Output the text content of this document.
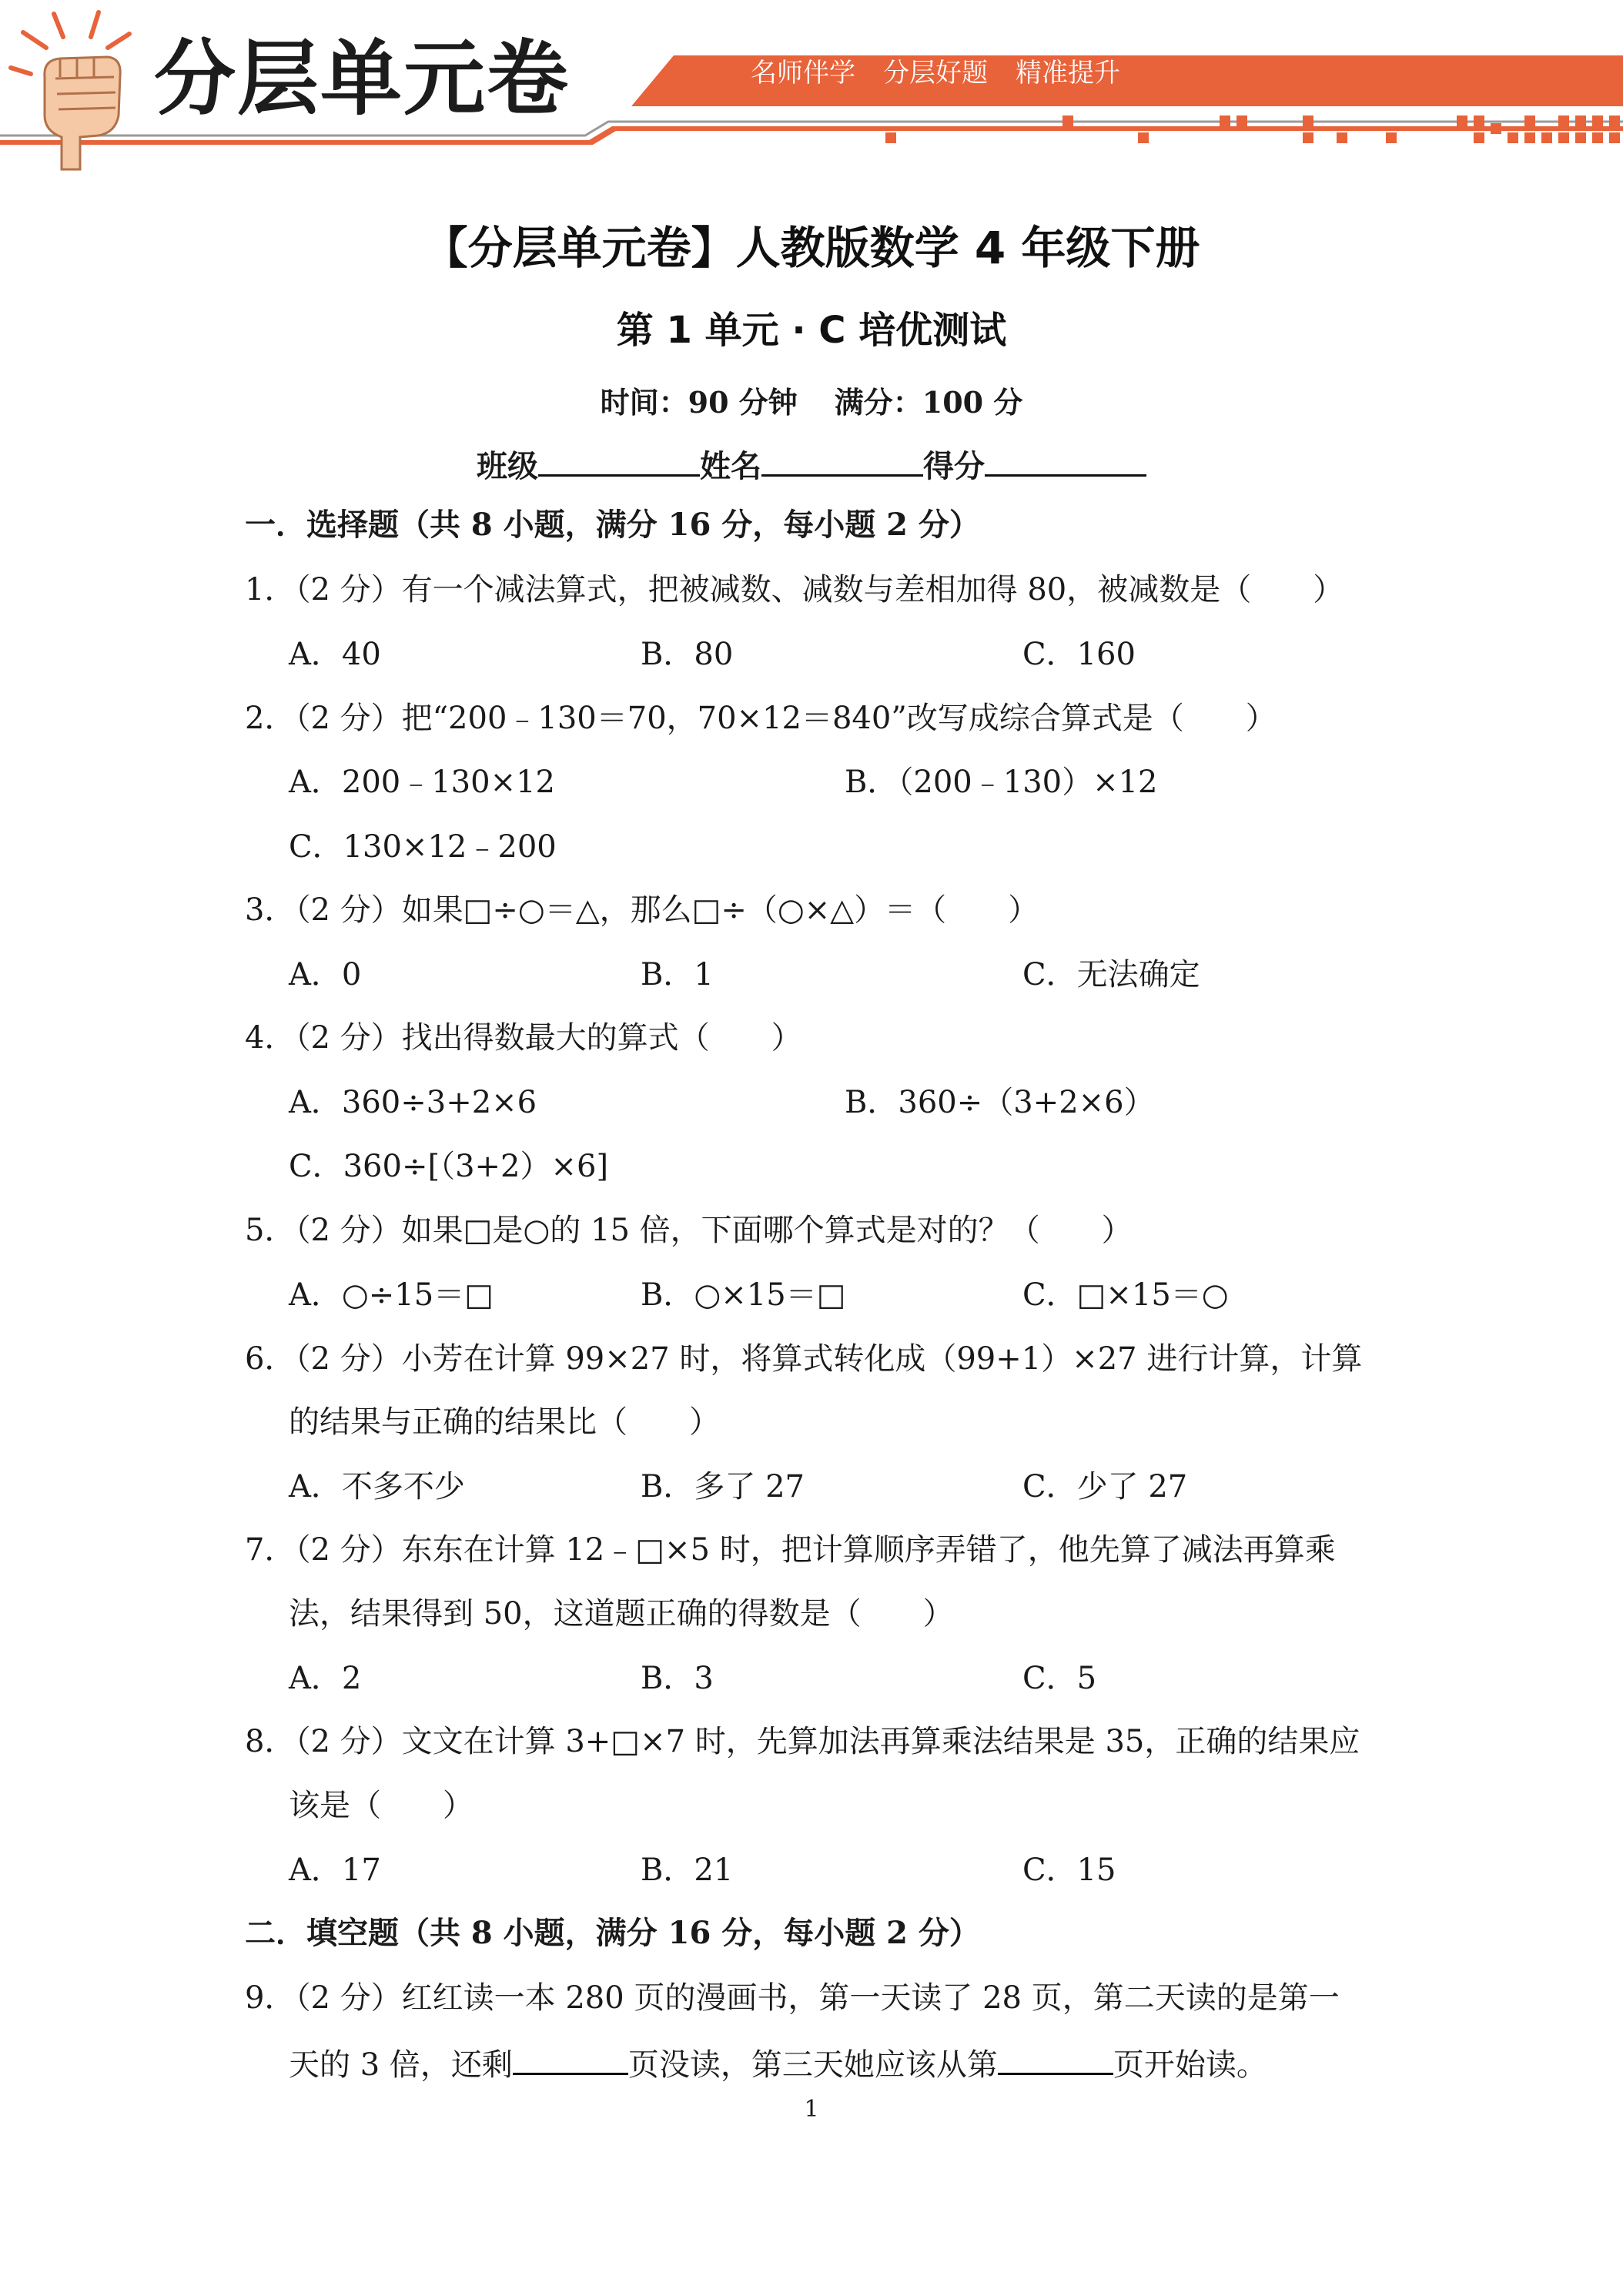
分层单元卷	名师伴学 分层好题 精准提升
【分层单元卷】人教版数学 4 年级下册
第 1 单元 · C 培优测试
时间：90 分钟 满分：100 分
班级	姓名	得分
一．选择题（共 8 小题，满分 16 分，每小题 2 分）
1．（2 分）有一个减法算式，把被减数、减数与差相加得 80，被减数是（　　）
A．40	B．80	C．160
2．（2 分）把“200﹣130＝70，70×12＝840”改写成综合算式是（　　）
A．200﹣130×12	B．（200﹣130）×12
C．130×12﹣200
3．（2 分）如果□÷○＝△，那么□÷（○×△）＝（　　）
A．0	B．1	C．无法确定
4．（2 分）找出得数最大的算式（　　）
A．360÷3+2×6	B．360÷（3+2×6）
C．360÷[（3+2）×6]
5．（2 分）如果□是○的 15 倍，下面哪个算式是对的？（　　）
A．○÷15＝□	B．○×15＝□	C．□×15＝○
6．（2 分）小芳在计算 99×27 时，将算式转化成（99+1）×27 进行计算，计算
的结果与正确的结果比（　　）
A．不多不少	B．多了 27	C．少了 27
7．（2 分）东东在计算 12﹣□×5 时，把计算顺序弄错了，他先算了减法再算乘
法，结果得到 50，这道题正确的得数是（　　）
A．2	B．3	C．5
8．（2 分）文文在计算 3+□×7 时，先算加法再算乘法结果是 35，正确的结果应
该是（　　）
A．17	B．21	C．15
二．填空题（共 8 小题，满分 16 分，每小题 2 分）
9．（2 分）红红读一本 280 页的漫画书，第一天读了 28 页，第二天读的是第一
天的 3 倍，还剩	页没读，第三天她应该从第	页开始读。
1
